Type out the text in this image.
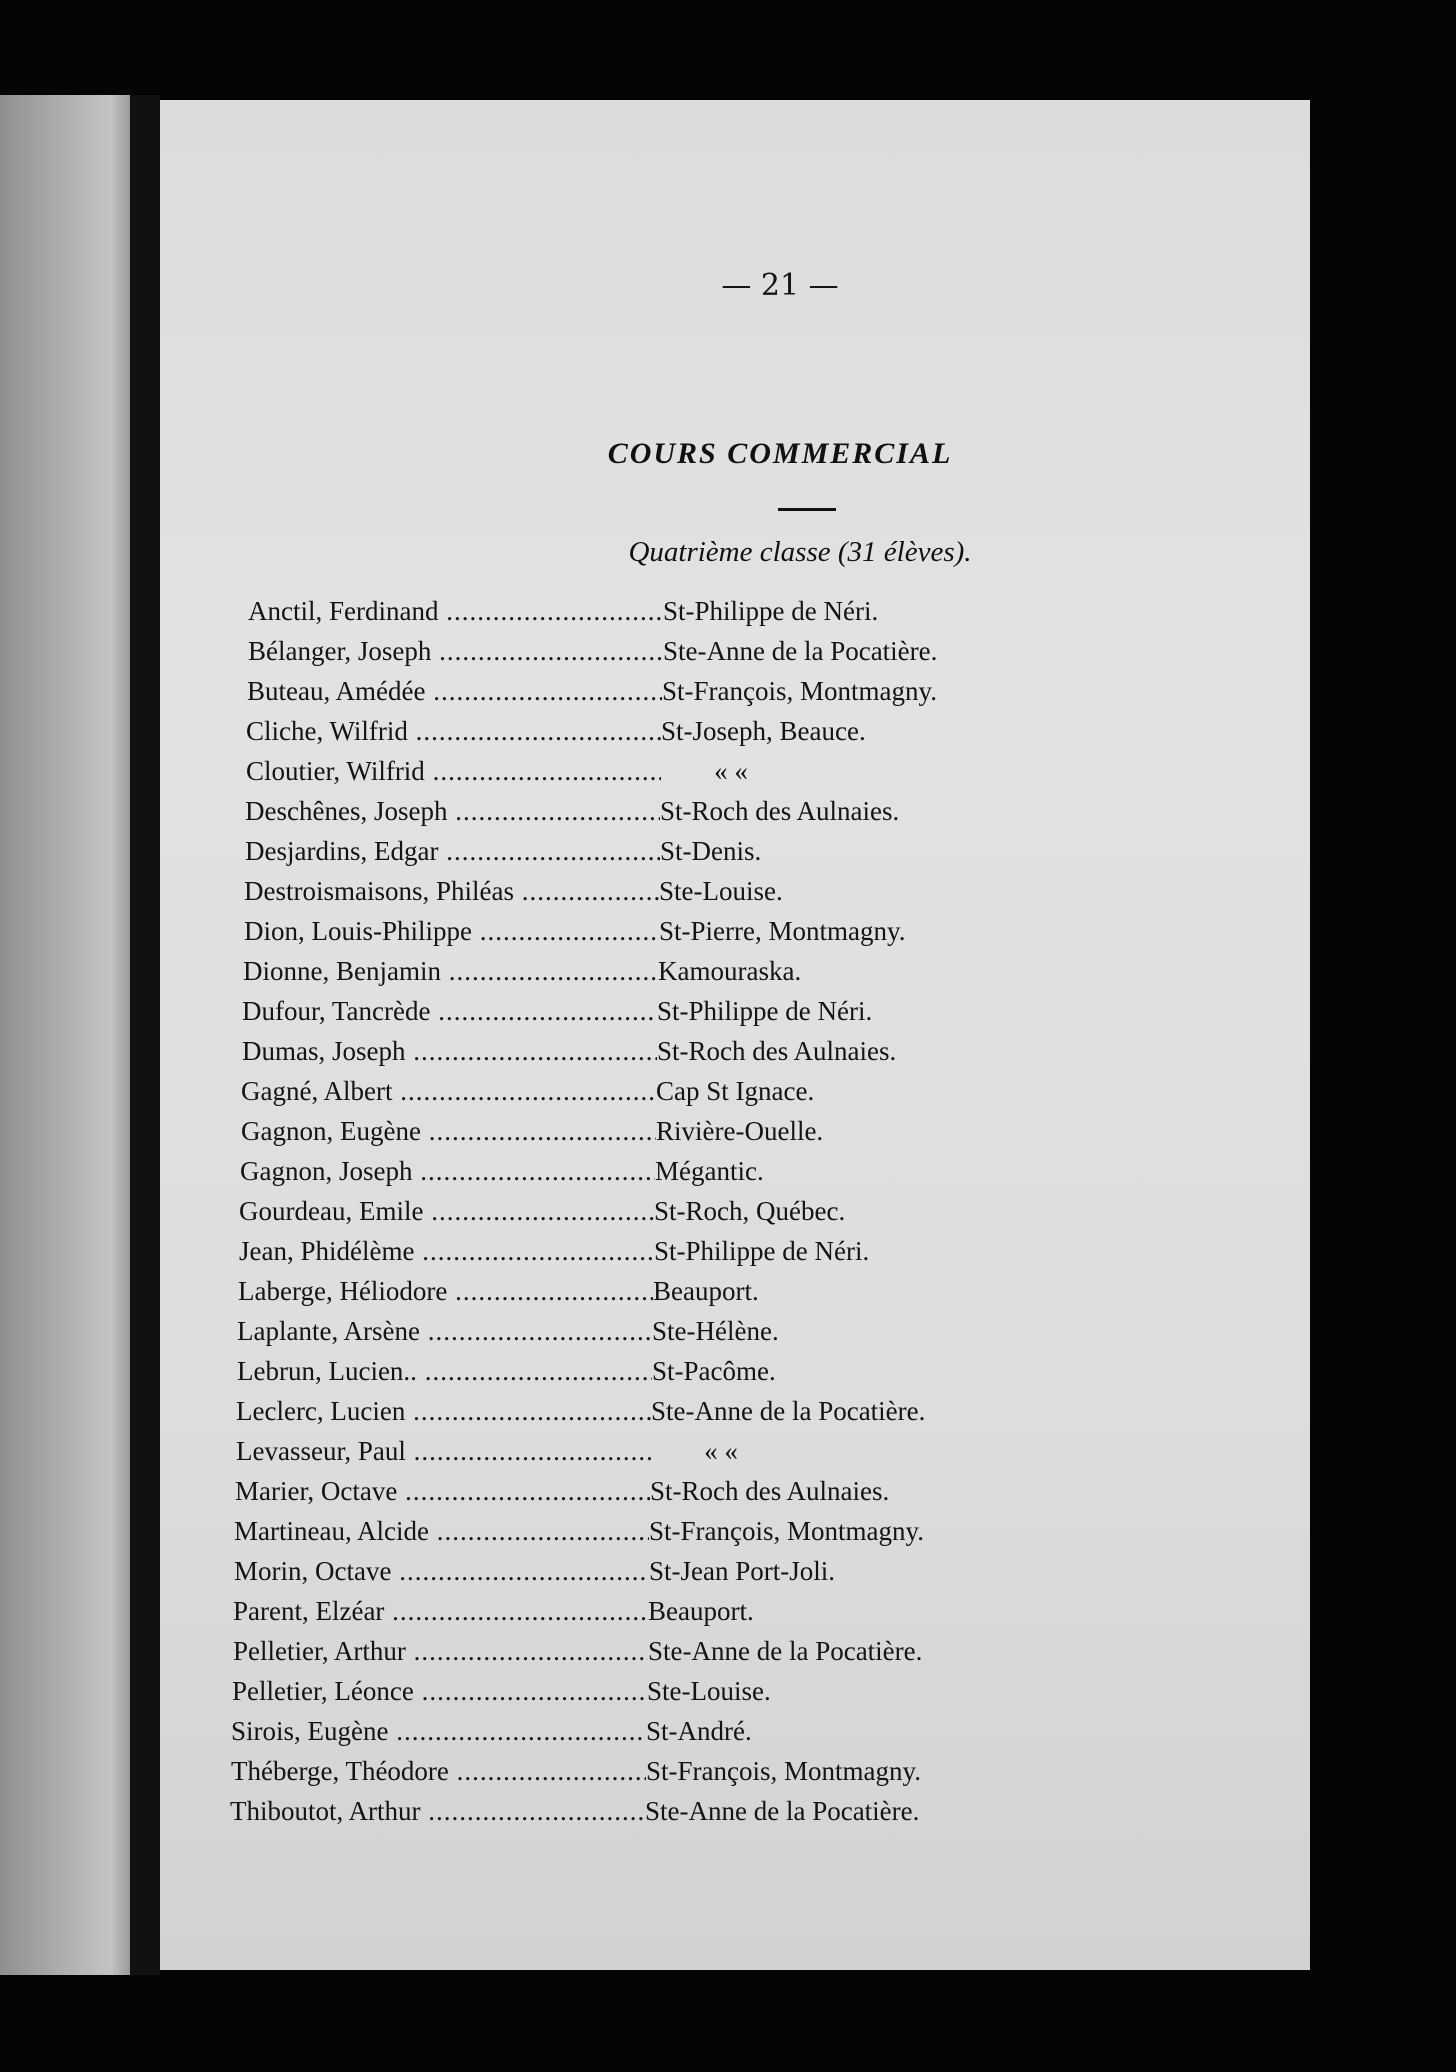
— 21 —
COURS COMMERCIAL
Quatrième classe (31 élèves).
Anctil, Ferdinand .....	St-Philippe de Néri.
Bélanger, Joseph .....	Ste-Anne de la Pocatière.
Buteau, Amédée .....	St-François, Montmagny.
Cliche, Wilfrid .....	St-Joseph, Beauce.
Cloutier, Wilfrid .....	« «
Deschênes, Joseph .....	St-Roch des Aulnaies.
Desjardins, Edgar .....	St-Denis.
Destroismaisons, Philéas .....	Ste-Louise.
Dion, Louis-Philippe .....	St-Pierre, Montmagny.
Dionne, Benjamin .....	Kamouraska.
Dufour, Tancrède .....	St-Philippe de Néri.
Dumas, Joseph .....	St-Roch des Aulnaies.
Gagné, Albert .....	Cap St Ignace.
Gagnon, Eugène .....	Rivière-Ouelle.
Gagnon, Joseph .....	Mégantic.
Gourdeau, Emile .....	St-Roch, Québec.
Jean, Phidélème .....	St-Philippe de Néri.
Laberge, Héliodore .....	Beauport.
Laplante, Arsène .....	Ste-Hélène.
Lebrun, Lucien.. .....	St-Pacôme.
Leclerc, Lucien .....	Ste-Anne de la Pocatière.
Levasseur, Paul .....	« «
Marier, Octave .....	St-Roch des Aulnaies.
Martineau, Alcide .....	St-François, Montmagny.
Morin, Octave .....	St-Jean Port-Joli.
Parent, Elzéar .....	Beauport.
Pelletier, Arthur .....	Ste-Anne de la Pocatière.
Pelletier, Léonce .....	Ste-Louise.
Sirois, Eugène .....	St-André.
Théberge, Théodore .....	St-François, Montmagny.
Thiboutot, Arthur .....	Ste-Anne de la Pocatière.
